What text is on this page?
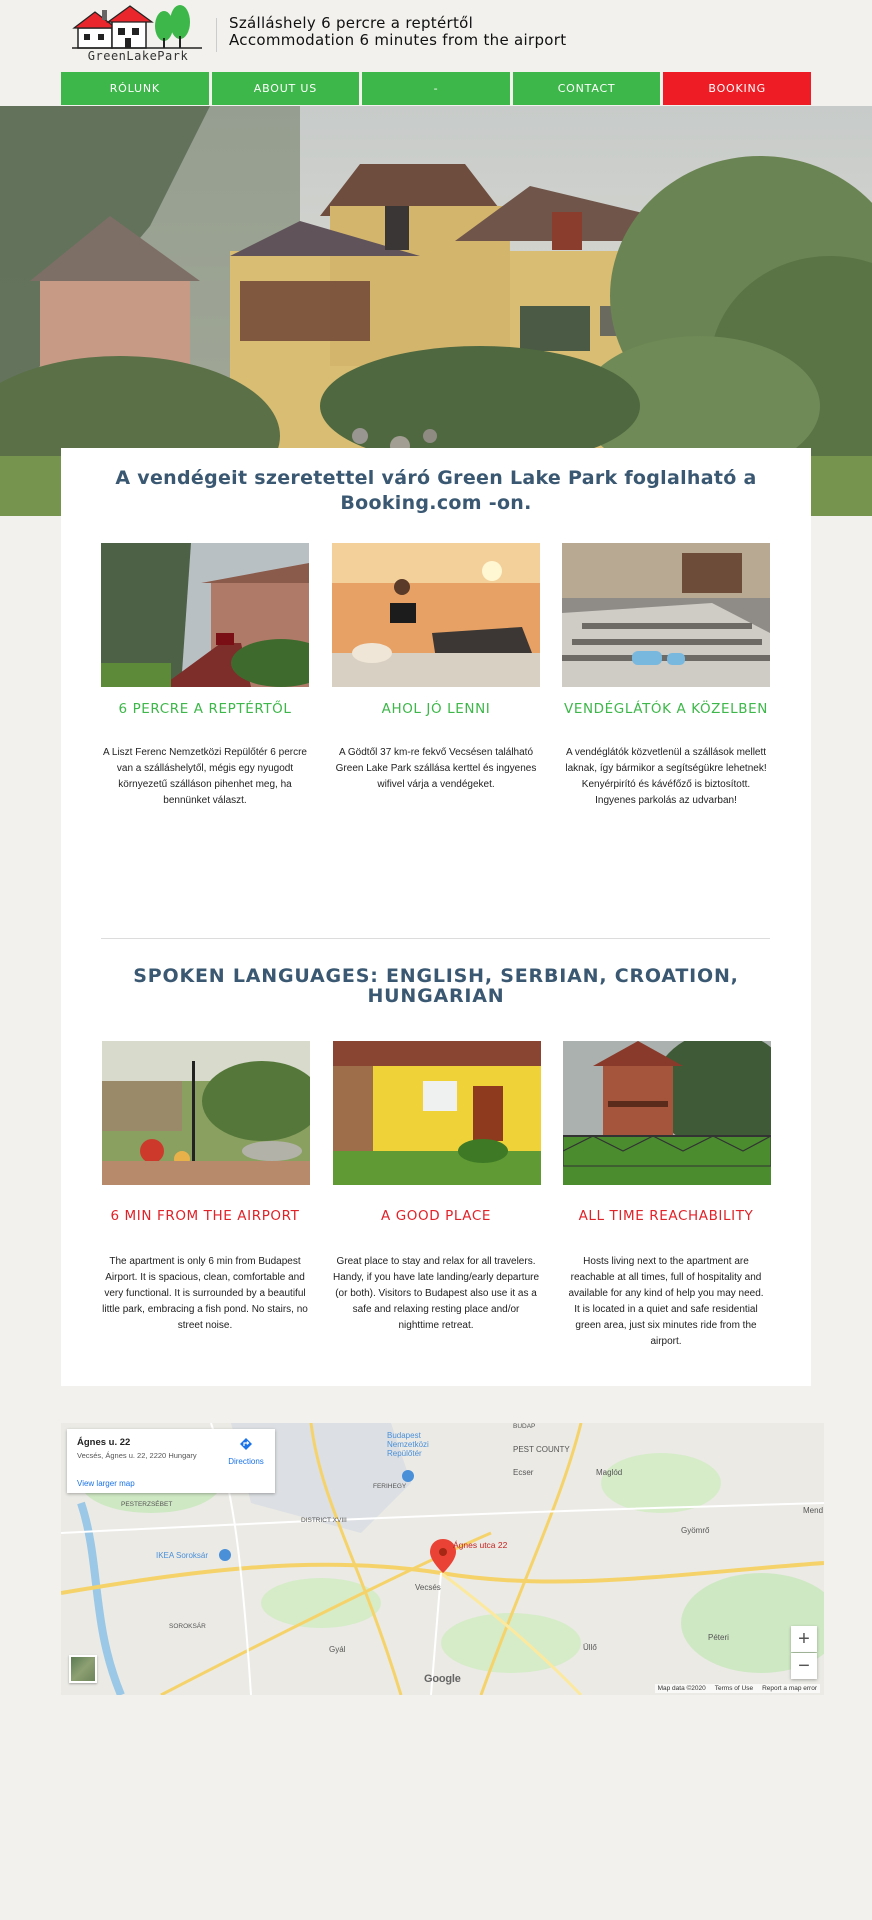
GreenLakePark
Szálláshely 6 percre a reptértől
Accommodation 6 minutes from the airport
RÓLUNK	ABOUT US	-	CONTACT	BOOKING
A vendégeit szeretettel váró Green Lake Park foglalható a Booking.com -on.
6 PERCRE A REPTÉRTŐL	AHOL JÓ LENNI	VENDÉGLÁTÓK A KÖZELBEN

A Liszt Ferenc Nemzetközi Repülőtér 6 percre van a szálláshelytől, mégis egy nyugodt környezetű szálláson pihenhet meg, ha bennünket választ.

A Gödtől 37 km-re fekvő Vecsésen található Green Lake Park szállása kerttel és ingyenes wifivel várja a vendégeket.

A vendéglátók közvetlenül a szállások mellett laknak, így bármikor a segítségükre lehetnek! Kenyérpirító és kávéfőző is biztosított. Ingyenes parkolás az udvarban!

SPOKEN LANGUAGES: ENGLISH, SERBIAN, CROATION, HUNGARIAN
6 MIN FROM THE AIRPORT	A GOOD PLACE	ALL TIME REACHABILITY

The apartment is only 6 min from Budapest Airport. It is spacious, clean, comfortable and very functional. It is surrounded by a beautiful little park, embracing a fish pond. No stairs, no street noise.

Great place to stay and relax for all travelers. Handy, if you have late landing/early departure (or both). Visitors to Budapest also use it as a safe and relaxing resting place and/or nighttime retreat.

Hosts living next to the apartment are reachable at all times, full of hospitality and available for any kind of help you may need.
It is located in a quiet and safe residential green area, just six minutes ride from the airport.

Budapest
Nemzetközi
Repülőtér	PEST COUNTY
Ecser	Maglód
Gyömrő
Péteri
Üllő
Vecsés
Gyál
IKEA Soroksár
DISTRICT XVIII
PESTERZSÉBET
SOROKSÁR
FERIHEGY
Mend
BUDAP
Ágnes utca 22
Ágnes u. 22
Vecsés, Ágnes u. 22, 2220 Hungary
Directions
View larger map
Google
+
−
Map data ©2020 Terms of Use Report a map error
